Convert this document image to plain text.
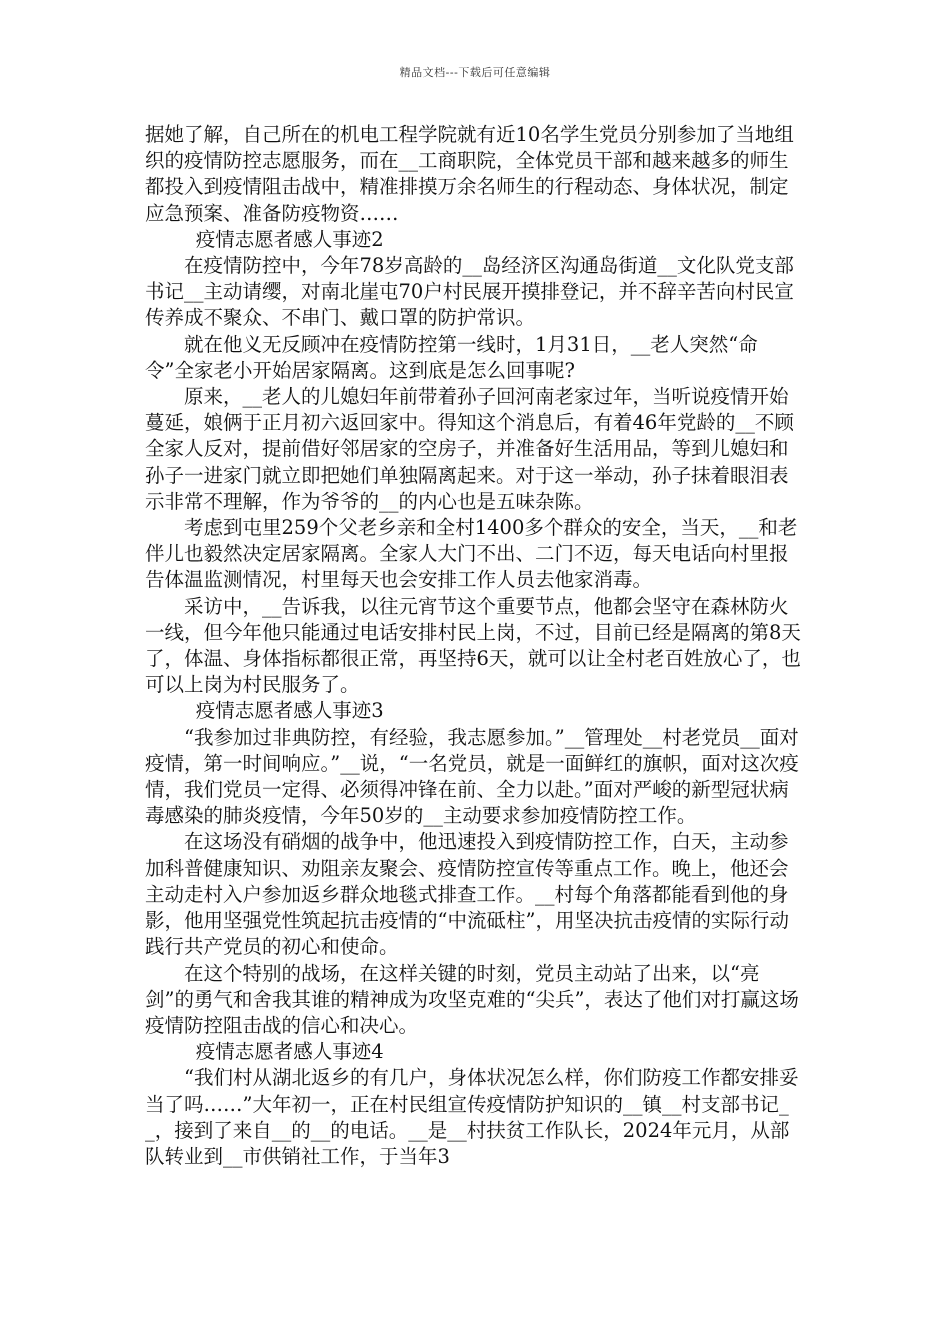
精品文档---下载后可任意编辑

据她了解，自己所在的机电工程学院就有近10名学生党员分别参加了当地组织的疫情防控志愿服务，而在__工商职院，全体党员干部和越来越多的师生都投入到疫情阻击战中，精准排摸万余名师生的行程动态、身体状况，制定应急预案、准备防疫物资……

疫情志愿者感人事迹2

在疫情防控中，今年78岁高龄的__岛经济区沟通岛街道__文化队党支部书记__主动请缨，对南北崖屯70户村民展开摸排登记，并不辞辛苦向村民宣传养成不聚众、不串门、戴口罩的防护常识。

就在他义无反顾冲在疫情防控第一线时，1月31日，__老人突然“命令”全家老小开始居家隔离。这到底是怎么回事呢?

原来，__老人的儿媳妇年前带着孙子回河南老家过年，当听说疫情开始蔓延，娘俩于正月初六返回家中。得知这个消息后，有着46年党龄的__不顾全家人反对，提前借好邻居家的空房子，并准备好生活用品，等到儿媳妇和孙子一进家门就立即把她们单独隔离起来。对于这一举动，孙子抹着眼泪表示非常不理解，作为爷爷的__的内心也是五味杂陈。

考虑到屯里259个父老乡亲和全村1400多个群众的安全，当天，__和老伴儿也毅然决定居家隔离。全家人大门不出、二门不迈，每天电话向村里报告体温监测情况，村里每天也会安排工作人员去他家消毒。

采访中，__告诉我，以往元宵节这个重要节点，他都会坚守在森林防火一线，但今年他只能通过电话安排村民上岗，不过，目前已经是隔离的第8天了，体温、身体指标都很正常，再坚持6天，就可以让全村老百姓放心了，也可以上岗为村民服务了。

疫情志愿者感人事迹3

“我参加过非典防控，有经验，我志愿参加。”__管理处__村老党员__面对疫情，第一时间响应。”__说，“一名党员，就是一面鲜红的旗帜，面对这次疫情，我们党员一定得、必须得冲锋在前、全力以赴。”面对严峻的新型冠状病毒感染的肺炎疫情，今年50岁的__主动要求参加疫情防控工作。

在这场没有硝烟的战争中，他迅速投入到疫情防控工作，白天，主动参加科普健康知识、劝阻亲友聚会、疫情防控宣传等重点工作。晚上，他还会主动走村入户参加返乡群众地毯式排查工作。__村每个角落都能看到他的身影，他用坚强党性筑起抗击疫情的“中流砥柱”，用坚决抗击疫情的实际行动践行共产党员的初心和使命。

在这个特别的战场，在这样关键的时刻，党员主动站了出来，以“亮剑”的勇气和舍我其谁的精神成为攻坚克难的“尖兵”，表达了他们对打赢这场疫情防控阻击战的信心和决心。

疫情志愿者感人事迹4

“我们村从湖北返乡的有几户，身体状况怎么样，你们防疫工作都安排妥当了吗……”大年初一，正在村民组宣传疫情防护知识的__镇__村支部书记__，接到了来自__的__的电话。__是__村扶贫工作队长，2024年元月，从部队转业到__市供销社工作，于当年3
